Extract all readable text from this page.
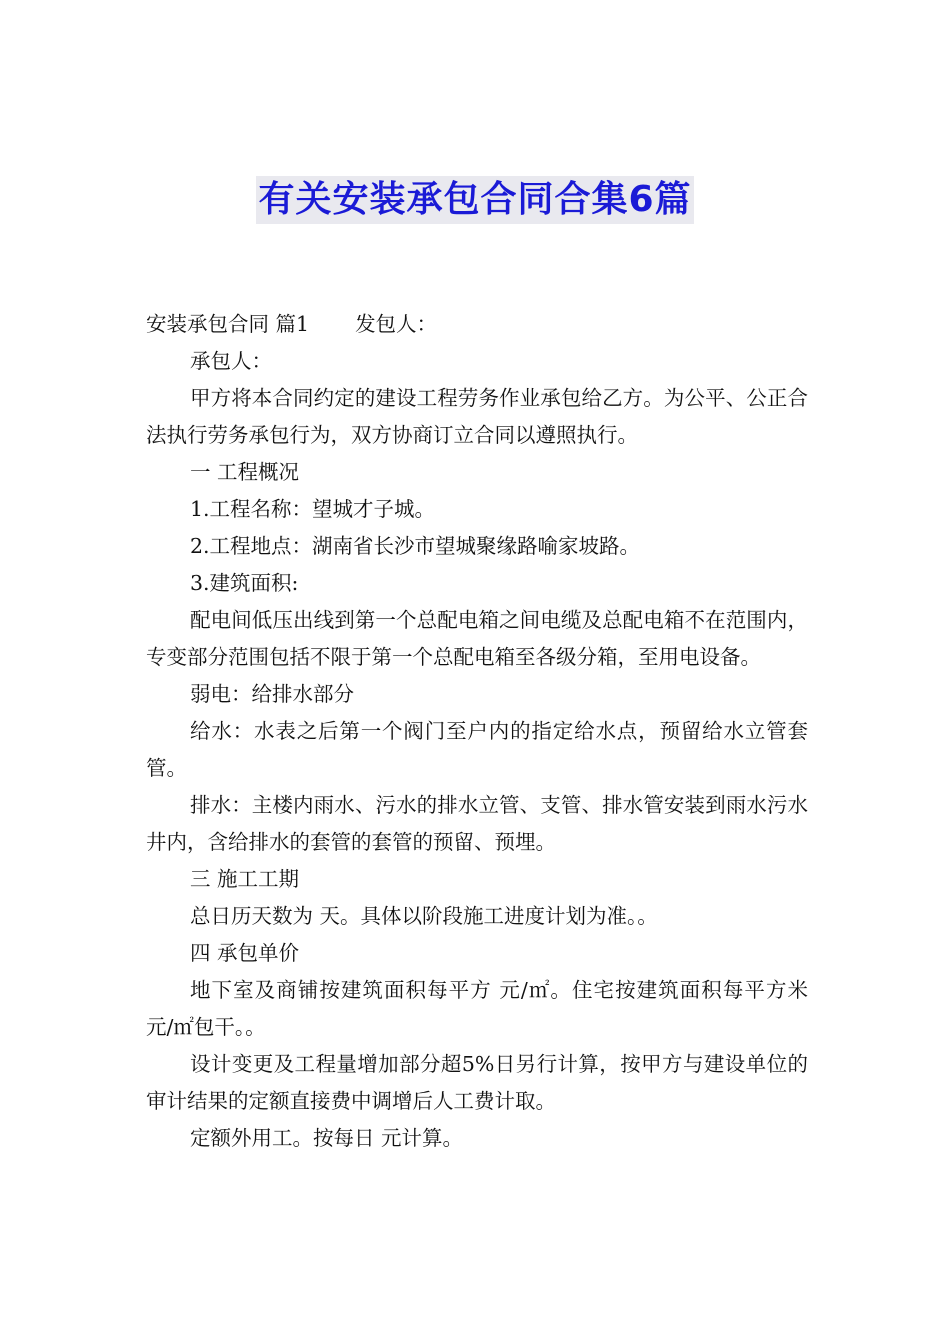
有关安装承包合同合集6篇

安装承包合同 篇1 发包人：

承包人：

甲方将本合同约定的建设工程劳务作业承包给乙方。为公平、公正合法执行劳务承包行为，双方协商订立合同以遵照执行。

一 工程概况

1.工程名称：望城才子城。

2.工程地点：湖南省长沙市望城聚缘路喻家坡路。

3.建筑面积:

配电间低压出线到第一个总配电箱之间电缆及总配电箱不在范围内，专变部分范围包括不限于第一个总配电箱至各级分箱，至用电设备。

弱电：给排水部分

给水：水表之后第一个阀门至户内的指定给水点，预留给水立管套管。

排水：主楼内雨水、污水的排水立管、支管、排水管安装到雨水污水井内，含给排水的套管的套管的预留、预埋。

三 施工工期

总日历天数为 天。具体以阶段施工进度计划为准。。

四 承包单价

地下室及商铺按建筑面积每平方 元/㎡。住宅按建筑面积每平方米 元/㎡包干。。

设计变更及工程量增加部分超5%日另行计算，按甲方与建设单位的审计结果的定额直接费中调增后人工费计取。

定额外用工。按每日 元计算。
